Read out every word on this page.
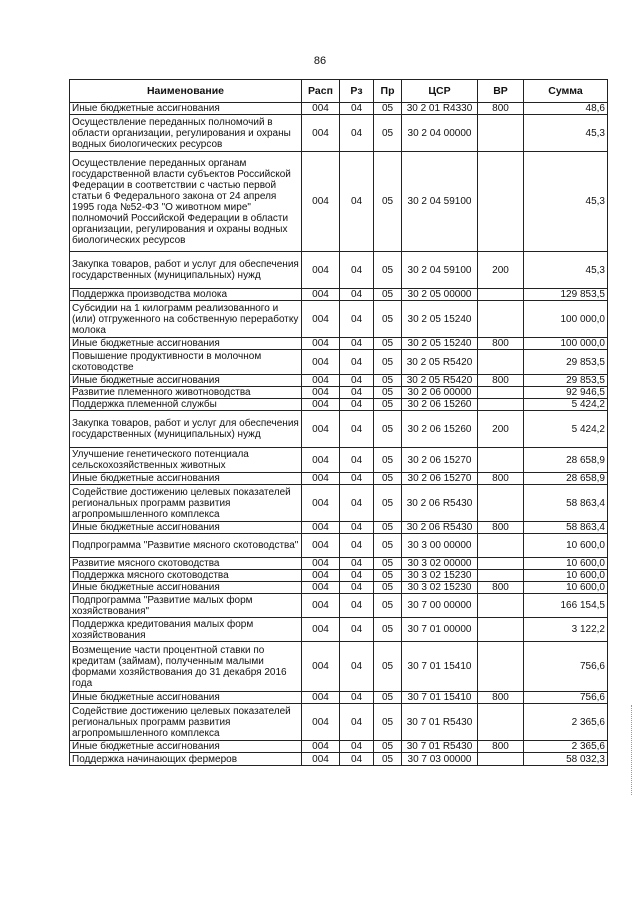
86
Наименование	Расп	Рз	Пр	ЦСР	ВР	Сумма
Иные бюджетные ассигнования	004	04	05	30 2 01 R4330	800	48,6
Осуществление переданных полномочий в области организации, регулирования и охраны водных биологических ресурсов	004	04	05	30 2 04 00000		45,3
Осуществление переданных органам государственной власти субъектов Российской Федерации в соответствии с частью первой статьи 6 Федерального закона от 24 апреля 1995 года №52-ФЗ "О животном мире" полномочий Российской Федерации в области организации, регулирования и охраны водных биологических ресурсов	004	04	05	30 2 04 59100		45,3
Закупка товаров, работ и услуг для обеспечения государственных (муниципальных) нужд	004	04	05	30 2 04 59100	200	45,3
Поддержка производства молока	004	04	05	30 2 05 00000		129 853,5
Субсидии на 1 килограмм реализованного и (или) отгруженного на собственную переработку молока	004	04	05	30 2 05 15240		100 000,0
Иные бюджетные ассигнования	004	04	05	30 2 05 15240	800	100 000,0
Повышение продуктивности в молочном скотоводстве	004	04	05	30 2 05 R5420		29 853,5
Иные бюджетные ассигнования	004	04	05	30 2 05 R5420	800	29 853,5
Развитие племенного животноводства	004	04	05	30 2 06 00000		92 946,5
Поддержка племенной службы	004	04	05	30 2 06 15260		5 424,2
Закупка товаров, работ и услуг для обеспечения государственных (муниципальных) нужд	004	04	05	30 2 06 15260	200	5 424,2
Улучшение генетического потенциала сельскохозяйственных животных	004	04	05	30 2 06 15270		28 658,9
Иные бюджетные ассигнования	004	04	05	30 2 06 15270	800	28 658,9
Содействие достижению целевых показателей региональных программ развития агропромышленного комплекса	004	04	05	30 2 06 R5430		58 863,4
Иные бюджетные ассигнования	004	04	05	30 2 06 R5430	800	58 863,4
Подпрограмма "Развитие мясного скотоводства"	004	04	05	30 3 00 00000		10 600,0
Развитие мясного скотоводства	004	04	05	30 3 02 00000		10 600,0
Поддержка мясного скотоводства	004	04	05	30 3 02 15230		10 600,0
Иные бюджетные ассигнования	004	04	05	30 3 02 15230	800	10 600,0
Подпрограмма "Развитие малых форм хозяйствования"	004	04	05	30 7 00 00000		166 154,5
Поддержка кредитования малых форм хозяйствования	004	04	05	30 7 01 00000		3 122,2
Возмещение части процентной ставки по кредитам (займам), полученным малыми формами хозяйствования до 31 декабря 2016 года	004	04	05	30 7 01 15410		756,6
Иные бюджетные ассигнования	004	04	05	30 7 01 15410	800	756,6
Содействие достижению целевых показателей региональных программ развития агропромышленного комплекса	004	04	05	30 7 01 R5430		2 365,6
Иные бюджетные ассигнования	004	04	05	30 7 01 R5430	800	2 365,6
Поддержка начинающих фермеров	004	04	05	30 7 03 00000		58 032,3
